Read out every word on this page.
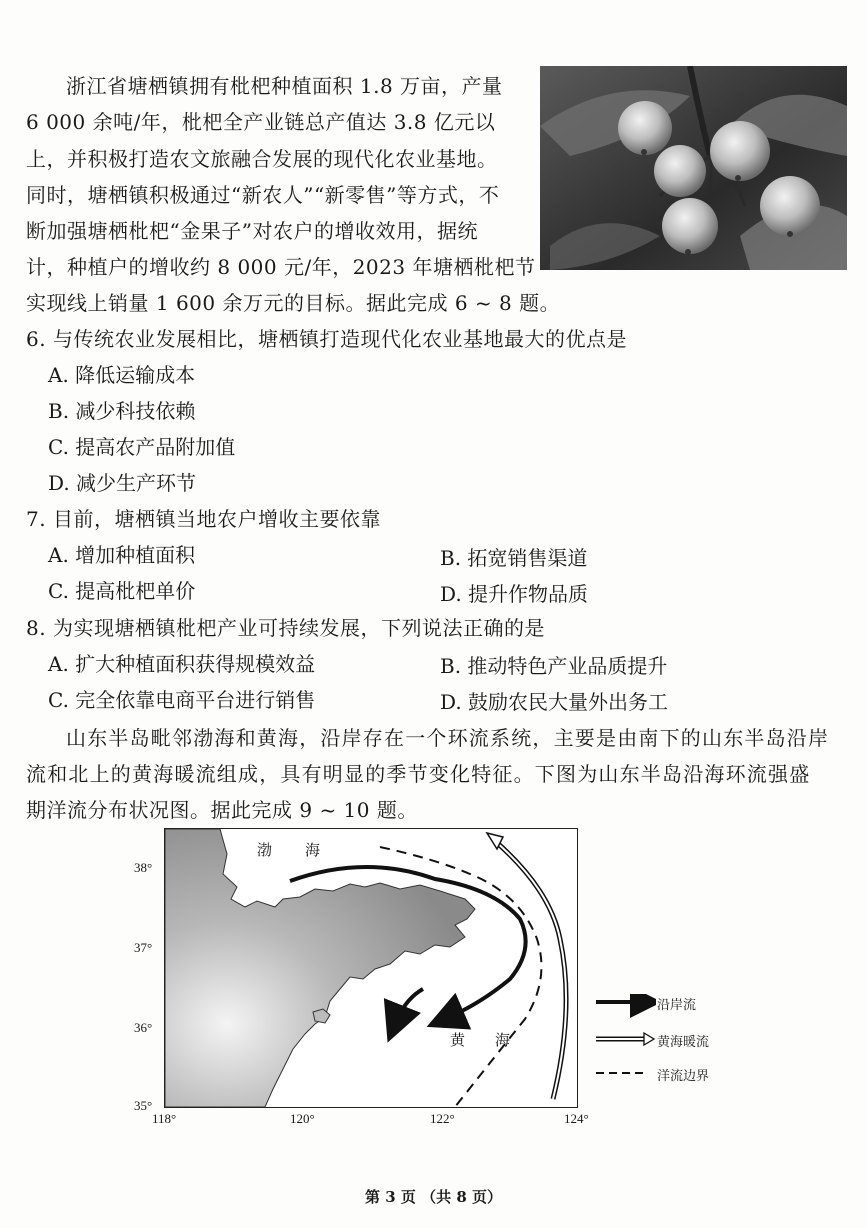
浙江省塘栖镇拥有枇杷种植面积 1.8 万亩，产量
6 000 余吨/年，枇杷全产业链总产值达 3.8 亿元以
上，并积极打造农文旅融合发展的现代化农业基地。
同时，塘栖镇积极通过“新农人”“新零售”等方式，不
断加强塘栖枇杷“金果子”对农户的增收效用，据统
计，种植户的增收约 8 000 元/年，2023 年塘栖枇杷节
实现线上销量 1 600 余万元的目标。据此完成 6 ~ 8 题。
6. 与传统农业发展相比，塘栖镇打造现代化农业基地最大的优点是
A. 降低运输成本
B. 减少科技依赖
C. 提高农产品附加值
D. 减少生产环节
7. 目前，塘栖镇当地农户增收主要依靠
A. 增加种植面积	B. 拓宽销售渠道
C. 提高枇杷单价	D. 提升作物品质
8. 为实现塘栖镇枇杷产业可持续发展，下列说法正确的是
A. 扩大种植面积获得规模效益	B. 推动特色产业品质提升
C. 完全依靠电商平台进行销售	D. 鼓励农民大量外出务工
山东半岛毗邻渤海和黄海，沿岸存在一个环流系统，主要是由南下的山东半岛沿岸
流和北上的黄海暖流组成，具有明显的季节变化特征。下图为山东半岛沿海环流强盛
期洋流分布状况图。据此完成 9 ~ 10 题。
渤 海
黄 海
38°
37°
36°
35°
118°	120°	122°	124°
沿岸流
黄海暖流
洋流边界
第 3 页 （共 8 页）
